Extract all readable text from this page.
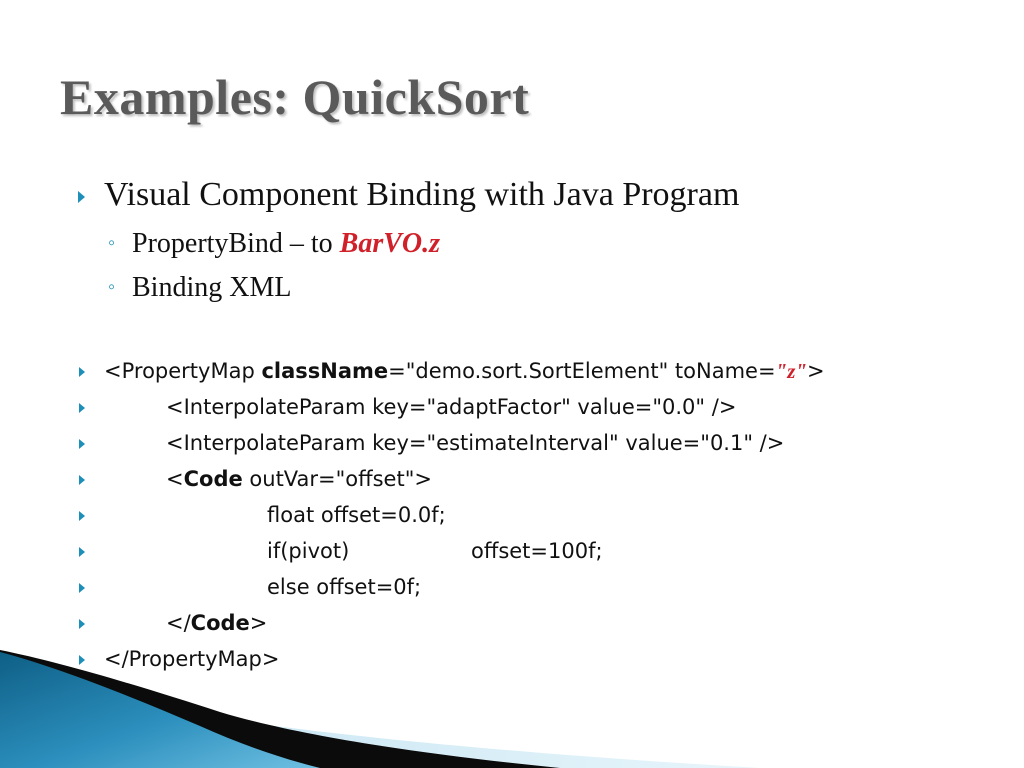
Examples: QuickSort
Visual Component Binding with Java Program
◦ PropertyBind – to BarVO.z
◦ Binding XML
<PropertyMap className="demo.sort.SortElement" toName="z">
<InterpolateParam key="adaptFactor" value="0.0" />
<InterpolateParam key="estimateInterval" value="0.1" />
<Code outVar="offset">
float offset=0.0f;
if(pivot)	offset=100f;
else offset=0f;
</Code>
</PropertyMap>
